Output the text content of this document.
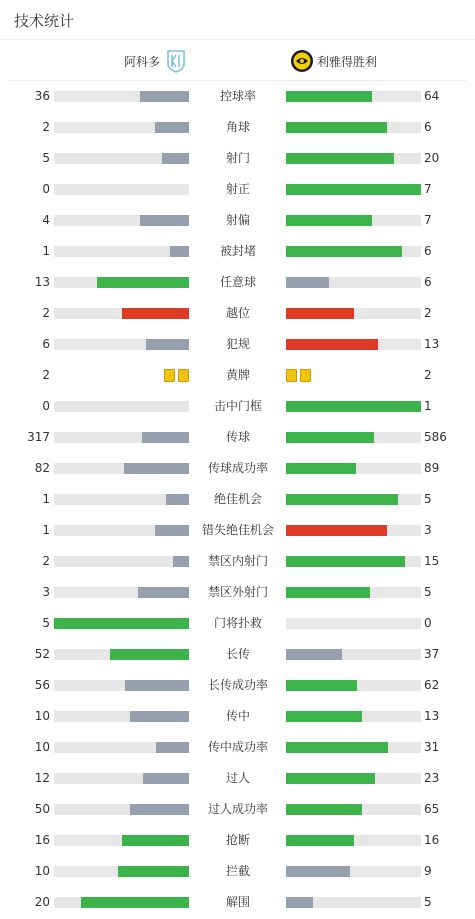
技术统计
阿科多	利雅得胜利
36	控球率	64
2	角球	6
5	射门	20
0	射正	7
4	射偏	7
1	被封堵	6
13	任意球	6
2	越位	2
6	犯规	13
2	黄牌	2
0	击中门框	1
317	传球	586
82	传球成功率	89
1	绝佳机会	5
1	错失绝佳机会	3
2	禁区内射门	15
3	禁区外射门	5
5	门将扑救	0
52	长传	37
56	长传成功率	62
10	传中	13
10	传中成功率	31
12	过人	23
50	过人成功率	65
16	抢断	16
10	拦截	9
20	解围	5
